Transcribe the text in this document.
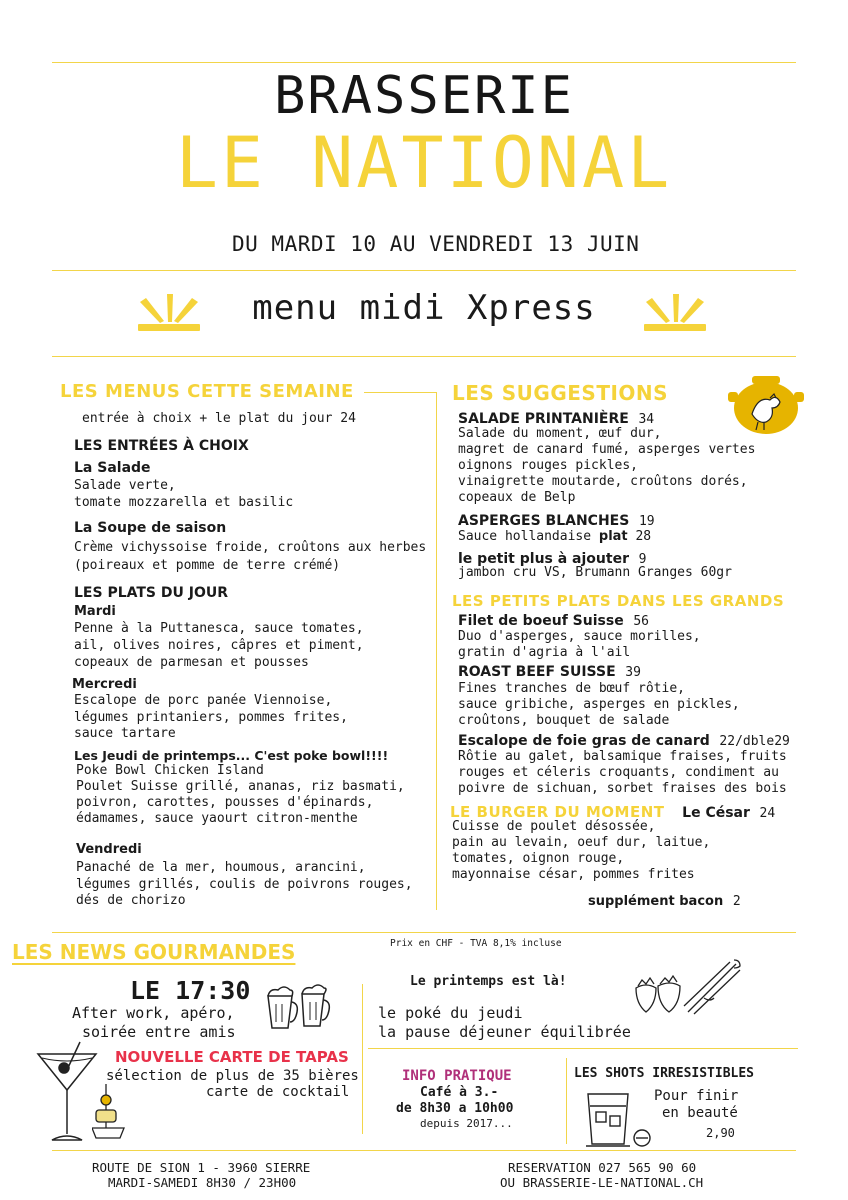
BRASSERIE
LE NATIONAL
DU MARDI 10 AU VENDREDI 13 JUIN
menu midi Xpress
LES MENUS CETTE SEMAINE
entrée à choix + le plat du jour 24
LES ENTRÉES À CHOIX
La Salade
Salade verte,
tomate mozzarella et basilic
La Soupe de saison
Crème vichyssoise froide, croûtons aux herbes
(poireaux et pomme de terre crémé)
LES PLATS DU JOUR
Mardi
Penne à la Puttanesca, sauce tomates,
ail, olives noires, câpres et piment,
copeaux de parmesan et pousses
Mercredi
Escalope de porc panée Viennoise,
légumes printaniers, pommes frites,
sauce tartare
Les Jeudi de printemps... C'est poke bowl!!!!
Poke Bowl Chicken Island
Poulet Suisse grillé, ananas, riz basmati,
poivron, carottes, pousses d'épinards,
édamames, sauce yaourt citron-menthe
Vendredi
Panaché de la mer, houmous, arancini,
légumes grillés, coulis de poivrons rouges,
dés de chorizo
LES SUGGESTIONS
SALADE PRINTANIÈRE 34
Salade du moment, œuf dur,
magret de canard fumé, asperges vertes
oignons rouges pickles,
vinaigrette moutarde, croûtons dorés,
copeaux de Belp
ASPERGES BLANCHES 19
Sauce hollandaise plat 28
le petit plus à ajouter 9
jambon cru VS, Brumann Granges 60gr
LES PETITS PLATS DANS LES GRANDS
Filet de boeuf Suisse 56
Duo d'asperges, sauce morilles,
gratin d'agria à l'ail
ROAST BEEF SUISSE 39
Fines tranches de bœuf rôtie,
sauce gribiche, asperges en pickles,
croûtons, bouquet de salade
Escalope de foie gras de canard 22/dble29
Rôtie au galet, balsamique fraises, fruits
rouges et céleris croquants, condiment au
poivre de sichuan, sorbet fraises des bois
LE BURGER DU MOMENT Le César 24
Cuisse de poulet désossée,
pain au levain, oeuf dur, laitue,
tomates, oignon rouge,
mayonnaise césar, pommes frites
supplément bacon 2
Prix en CHF - TVA 8,1% incluse
LES NEWS GOURMANDES
LE 17:30
After work, apéro,
soirée entre amis
NOUVELLE CARTE DE TAPAS
sélection de plus de 35 bières
carte de cocktail
Le printemps est là!
le poké du jeudi
la pause déjeuner équilibrée
INFO PRATIQUE
Café à 3.-
de 8h30 a 10h00
depuis 2017...
LES SHOTS IRRESISTIBLES
Pour finir
en beauté
2,90
ROUTE DE SION 1 - 3960 SIERRE
MARDI-SAMEDI 8H30 / 23H00
RESERVATION 027 565 90 60
OU BRASSERIE-LE-NATIONAL.CH
